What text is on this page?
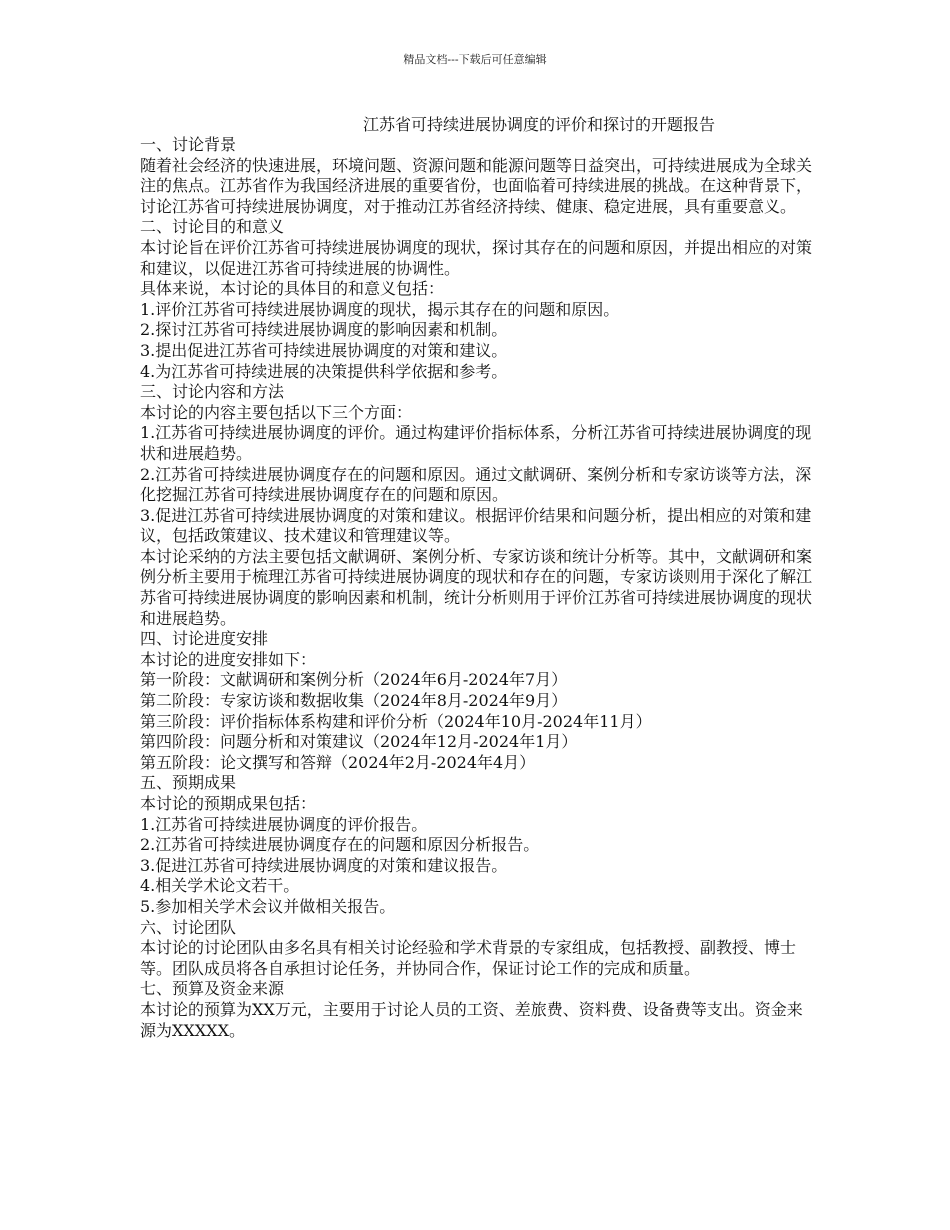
精品文档---下载后可任意编辑
江苏省可持续进展协调度的评价和探讨的开题报告

一、讨论背景

随着社会经济的快速进展，环境问题、资源问题和能源问题等日益突出，可持续进展成为全球关注的焦点。江苏省作为我国经济进展的重要省份，也面临着可持续进展的挑战。在这种背景下，讨论江苏省可持续进展协调度，对于推动江苏省经济持续、健康、稳定进展，具有重要意义。

二、讨论目的和意义

本讨论旨在评价江苏省可持续进展协调度的现状，探讨其存在的问题和原因，并提出相应的对策和建议，以促进江苏省可持续进展的协调性。

具体来说，本讨论的具体目的和意义包括：

1.评价江苏省可持续进展协调度的现状，揭示其存在的问题和原因。

2.探讨江苏省可持续进展协调度的影响因素和机制。

3.提出促进江苏省可持续进展协调度的对策和建议。

4.为江苏省可持续进展的决策提供科学依据和参考。

三、讨论内容和方法

本讨论的内容主要包括以下三个方面：

1.江苏省可持续进展协调度的评价。通过构建评价指标体系，分析江苏省可持续进展协调度的现状和进展趋势。

2.江苏省可持续进展协调度存在的问题和原因。通过文献调研、案例分析和专家访谈等方法，深化挖掘江苏省可持续进展协调度存在的问题和原因。

3.促进江苏省可持续进展协调度的对策和建议。根据评价结果和问题分析，提出相应的对策和建议，包括政策建议、技术建议和管理建议等。

本讨论采纳的方法主要包括文献调研、案例分析、专家访谈和统计分析等。其中，文献调研和案例分析主要用于梳理江苏省可持续进展协调度的现状和存在的问题，专家访谈则用于深化了解江苏省可持续进展协调度的影响因素和机制，统计分析则用于评价江苏省可持续进展协调度的现状和进展趋势。

四、讨论进度安排

本讨论的进度安排如下：

第一阶段：文献调研和案例分析（2024年6月-2024年7月）

第二阶段：专家访谈和数据收集（2024年8月-2024年9月）

第三阶段：评价指标体系构建和评价分析（2024年10月-2024年11月）

第四阶段：问题分析和对策建议（2024年12月-2024年1月）

第五阶段：论文撰写和答辩（2024年2月-2024年4月）

五、预期成果

本讨论的预期成果包括：

1.江苏省可持续进展协调度的评价报告。

2.江苏省可持续进展协调度存在的问题和原因分析报告。

3.促进江苏省可持续进展协调度的对策和建议报告。

4.相关学术论文若干。

5.参加相关学术会议并做相关报告。

六、讨论团队

本讨论的讨论团队由多名具有相关讨论经验和学术背景的专家组成，包括教授、副教授、博士等。团队成员将各自承担讨论任务，并协同合作，保证讨论工作的完成和质量。

七、预算及资金来源

本讨论的预算为XX万元，主要用于讨论人员的工资、差旅费、资料费、设备费等支出。资金来源为XXXXX。
